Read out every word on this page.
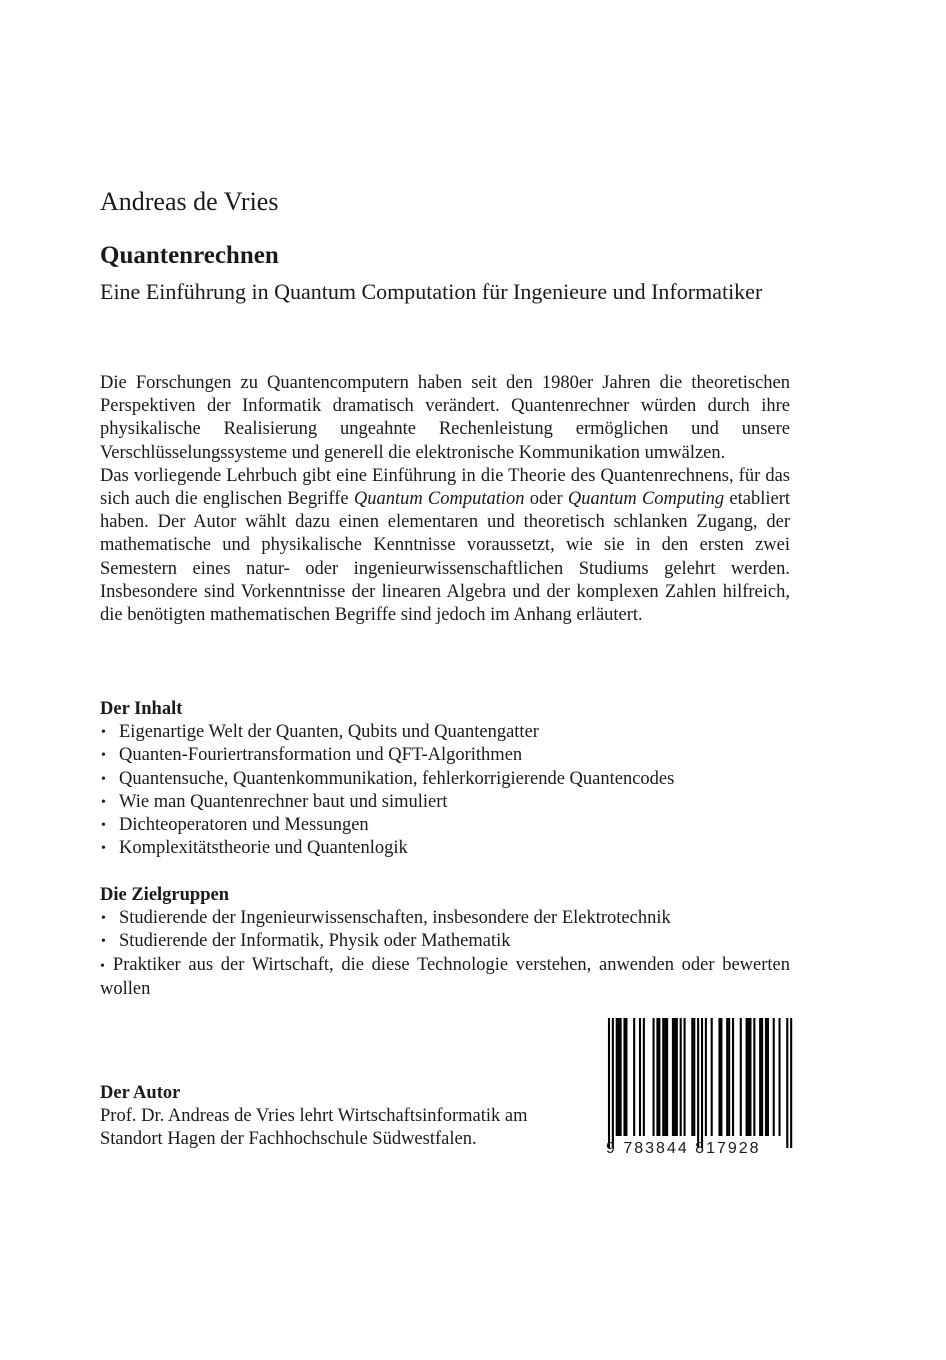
Andreas de Vries
Quantenrechnen

Eine Einführung in Quantum Computation für Ingenieure und Informatiker

Die Forschungen zu Quantencomputern haben seit den 1980er Jahren die theoretischen Perspektiven der Informatik dramatisch verändert. Quantenrechner würden durch ihre physikalische Realisierung ungeahnte Rechenleistung ermöglichen und unsere Verschlüsselungssysteme und generell die elektronische Kommunikation umwälzen.

Das vorliegende Lehrbuch gibt eine Einführung in die Theorie des Quantenrechnens, für das sich auch die englischen Begriffe Quantum Computation oder Quantum Computing etabliert haben. Der Autor wählt dazu einen elementaren und theoretisch schlanken Zugang, der mathematische und physikalische Kenntnisse voraussetzt, wie sie in den ersten zwei Semestern eines natur- oder ingenieurwissenschaftlichen Studiums gelehrt werden. Insbesondere sind Vorkenntnisse der linearen Algebra und der komplexen Zahlen hilfreich, die benötigten mathematischen Begriffe sind jedoch im Anhang erläutert.

Der Inhalt
• Eigenartige Welt der Quanten, Qubits und Quantengatter
• Quanten-Fouriertransformation und QFT-Algorithmen
• Quantensuche, Quantenkommunikation, fehlerkorrigierende Quantencodes
• Wie man Quantenrechner baut und simuliert
• Dichteoperatoren und Messungen
• Komplexitätstheorie und Quantenlogik
Die Zielgruppen
• Studierende der Ingenieurwissenschaften, insbesondere der Elektrotechnik
• Studierende der Informatik, Physik oder Mathematik
• Praktiker aus der Wirtschaft, die diese Technologie verstehen, anwenden oder bewerten wollen
Der Autor

Prof. Dr. Andreas de Vries lehrt Wirtschaftsinformatik am Standort Hagen der Fachhochschule Südwestfalen.	9 783844 817928
